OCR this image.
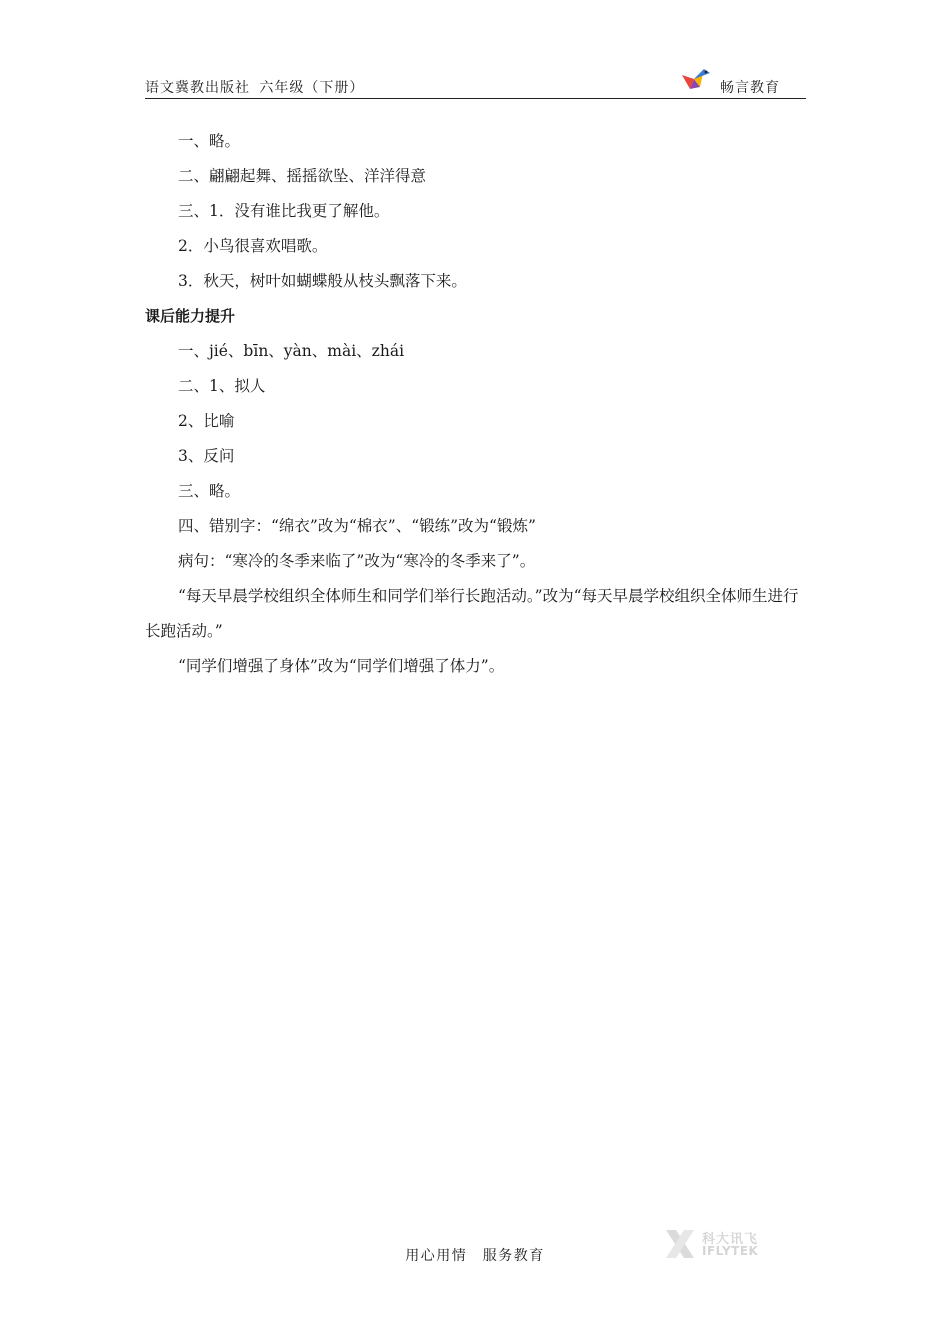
语文冀教出版社 六年级（下册）	畅言教育
一、略。
二、翩翩起舞、摇摇欲坠、洋洋得意
三、1．没有谁比我更了解他。
2．小鸟很喜欢唱歌。
3．秋天，树叶如蝴蝶般从枝头飘落下来。
课后能力提升
一、jié、bīn、yàn、mài、zhái
二、1、拟人
2、比喻
3、反问
三、略。
四、错别字：“绵衣”改为“棉衣”、“锻练”改为“锻炼”
病句：“寒冷的冬季来临了”改为“寒冷的冬季来了”。
“每天早晨学校组织全体师生和同学们举行长跑活动。”改为“每天早晨学校组织全体师生进行长跑活动。”
“同学们增强了身体”改为“同学们增强了体力”。
用心用情　服务教育
科大讯飞
IFLYTEK
